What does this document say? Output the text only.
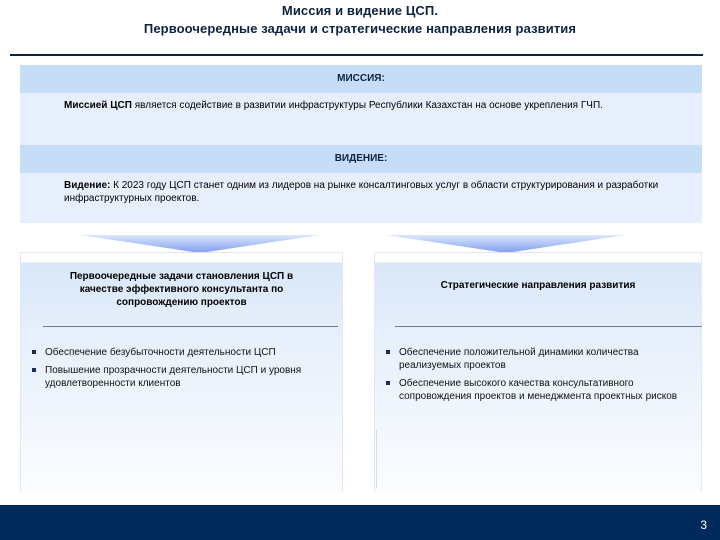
Миссия и видение ЦСП.
Первоочередные задачи и стратегические направления развития
МИССИЯ:
Миссией ЦСП является содействие в развитии инфраструктуры Республики Казахстан на основе укрепления ГЧП.
ВИДЕНИЕ:
Видение: К 2023 году ЦСП станет одним из лидеров на рынке консалтинговых услуг в области структурирования и разработки инфраструктурных проектов.
Первоочередные задачи становления ЦСП в качестве эффективного консультанта по сопровождению проектов
Обеспечение безубыточности деятельности ЦСП
Повышение прозрачности деятельности ЦСП и уровня удовлетворенности клиентов
Стратегические направления развития
Обеспечение положительной динамики количества реализуемых проектов
Обеспечение высокого качества консультативного сопровождения проектов и менеджмента проектных рисков
3
